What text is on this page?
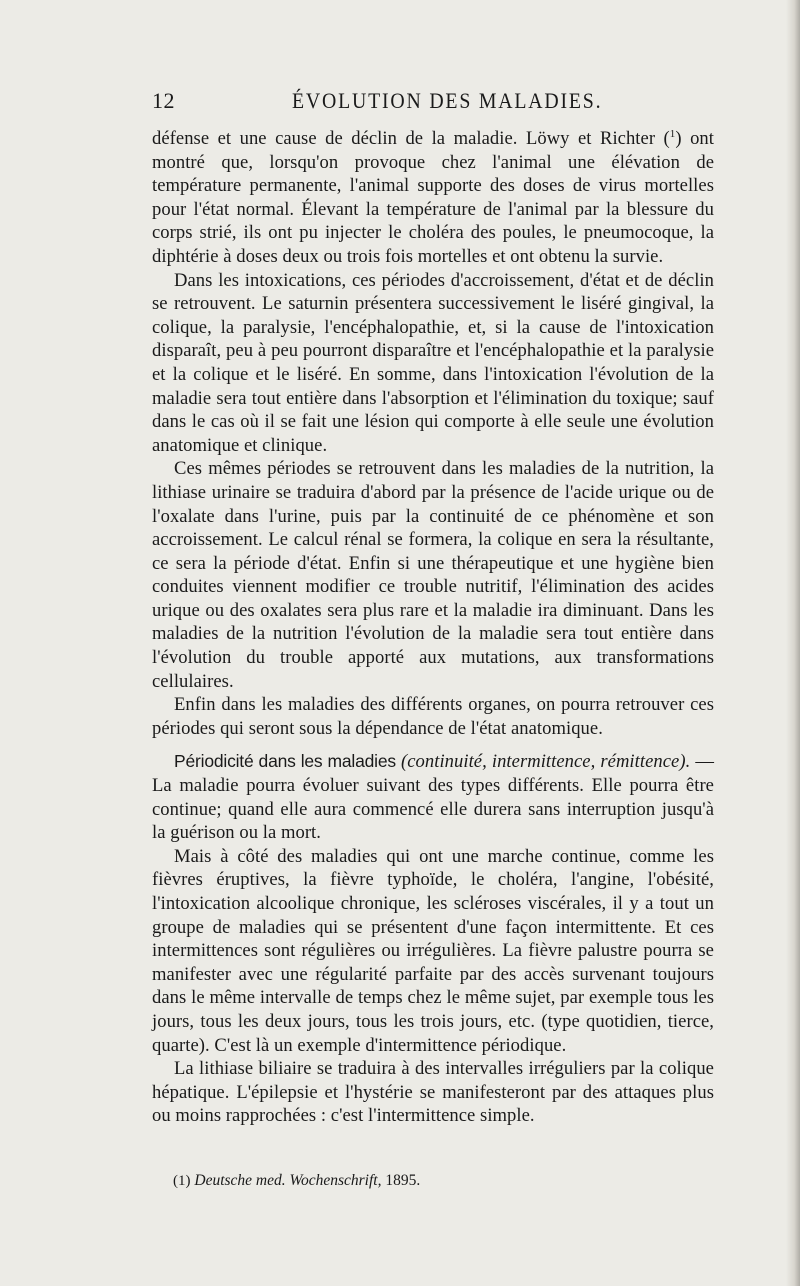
12	ÉVOLUTION DES MALADIES.

défense et une cause de déclin de la maladie. Löwy et Richter ($^1$) ont montré que, lorsqu'on provoque chez l'animal une élévation de température permanente, l'animal supporte des doses de virus mortelles pour l'état normal. Élevant la température de l'animal par la blessure du corps strié, ils ont pu injecter le choléra des poules, le pneumocoque, la diphtérie à doses deux ou trois fois mortelles et ont obtenu la survie.

Dans les intoxications, ces périodes d'accroissement, d'état et de déclin se retrouvent. Le saturnin présentera successivement le liséré gingival, la colique, la paralysie, l'encéphalopathie, et, si la cause de l'intoxication disparaît, peu à peu pourront disparaître et l'encéphalopathie et la paralysie et la colique et le liséré. En somme, dans l'intoxication l'évolution de la maladie sera tout entière dans l'absorption et l'élimination du toxique; sauf dans le cas où il se fait une lésion qui comporte à elle seule une évolution anatomique et clinique.

Ces mêmes périodes se retrouvent dans les maladies de la nutrition, la lithiase urinaire se traduira d'abord par la présence de l'acide urique ou de l'oxalate dans l'urine, puis par la continuité de ce phénomène et son accroissement. Le calcul rénal se formera, la colique en sera la résultante, ce sera la période d'état. Enfin si une thérapeutique et une hygiène bien conduites viennent modifier ce trouble nutritif, l'élimination des acides urique ou des oxalates sera plus rare et la maladie ira diminuant. Dans les maladies de la nutrition l'évolution de la maladie sera tout entière dans l'évolution du trouble apporté aux mutations, aux transformations cellulaires.

Enfin dans les maladies des différents organes, on pourra retrouver ces périodes qui seront sous la dépendance de l'état anatomique.

Périodicité dans les maladies (continuité, intermittence, rémittence). — La maladie pourra évoluer suivant des types différents. Elle pourra être continue; quand elle aura commencé elle durera sans interruption jusqu'à la guérison ou la mort.

Mais à côté des maladies qui ont une marche continue, comme les fièvres éruptives, la fièvre typhoïde, le choléra, l'angine, l'obésité, l'intoxication alcoolique chronique, les scléroses viscérales, il y a tout un groupe de maladies qui se présentent d'une façon intermittente. Et ces intermittences sont régulières ou irrégulières. La fièvre palustre pourra se manifester avec une régularité parfaite par des accès survenant toujours dans le même intervalle de temps chez le même sujet, par exemple tous les jours, tous les deux jours, tous les trois jours, etc. (type quotidien, tierce, quarte). C'est là un exemple d'intermittence périodique.

La lithiase biliaire se traduira à des intervalles irréguliers par la colique hépatique. L'épilepsie et l'hystérie se manifesteront par des attaques plus ou moins rapprochées : c'est l'intermittence simple.

(1) Deutsche med. Wochenschrift, 1895.
